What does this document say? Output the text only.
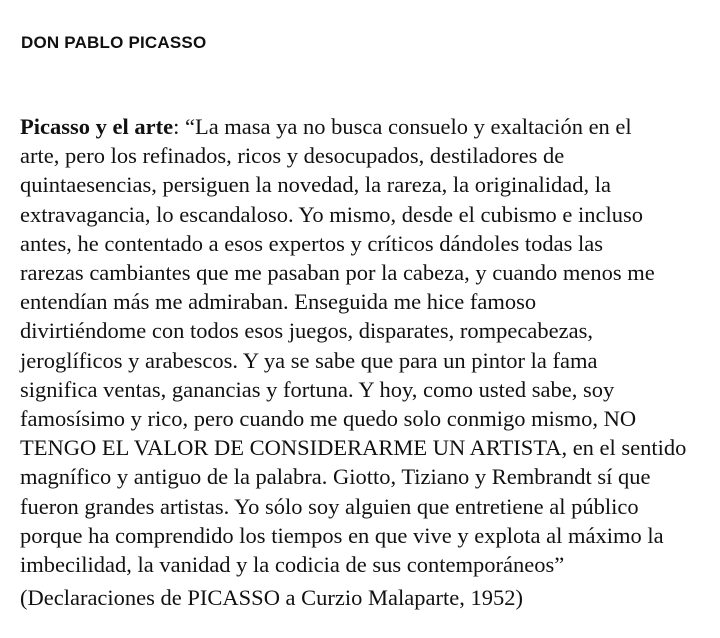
DON PABLO PICASSO
Picasso y el arte: “La masa ya no busca consuelo y exaltación en el
arte, pero los refinados, ricos y desocupados, destiladores de
quintaesencias, persiguen la novedad, la rareza, la originalidad, la
extravagancia, lo escandaloso. Yo mismo, desde el cubismo e incluso
antes, he contentado a esos expertos y críticos dándoles todas las
rarezas cambiantes que me pasaban por la cabeza, y cuando menos me
entendían más me admiraban. Enseguida me hice famoso
divirtiéndome con todos esos juegos, disparates, rompecabezas,
jeroglíficos y arabescos. Y ya se sabe que para un pintor la fama
significa ventas, ganancias y fortuna. Y hoy, como usted sabe, soy
famosísimo y rico, pero cuando me quedo solo conmigo mismo, NO
TENGO EL VALOR DE CONSIDERARME UN ARTISTA, en el sentido
magnífico y antiguo de la palabra. Giotto, Tiziano y Rembrandt sí que
fueron grandes artistas. Yo sólo soy alguien que entretiene al público
porque ha comprendido los tiempos en que vive y explota al máximo la
imbecilidad, la vanidad y la codicia de sus contemporáneos”
(Declaraciones de PICASSO a Curzio Malaparte, 1952)
